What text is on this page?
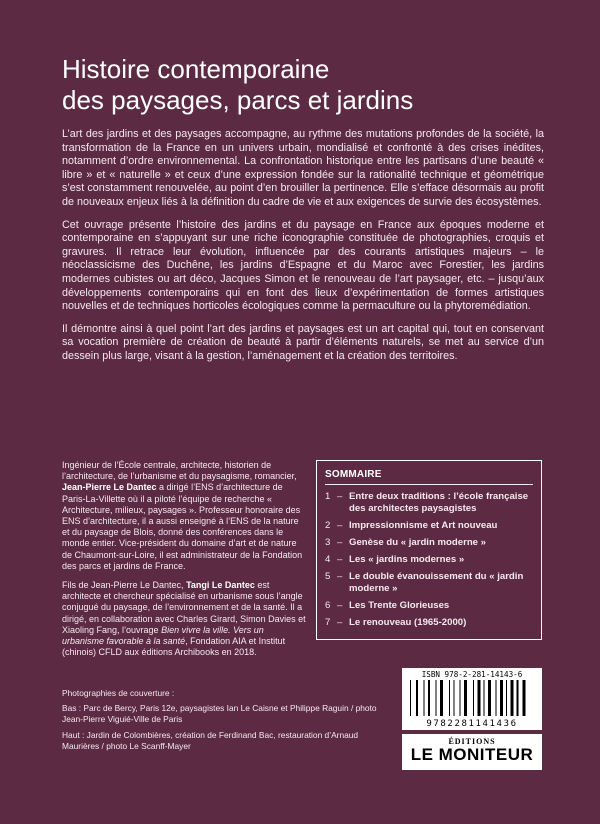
Histoire contemporaine
des paysages, parcs et jardins

L’art des jardins et des paysages accompagne, au rythme des mutations profondes de la société, la transformation de la France en un univers urbain, mondialisé et confronté à des crises inédites, notamment d’ordre environnemental. La confrontation historique entre les partisans d’une beauté « libre » et « naturelle » et ceux d’une expression fondée sur la rationalité technique et géométrique s’est constamment renouvelée, au point d’en brouiller la pertinence. Elle s’efface désormais au profit de nouveaux enjeux liés à la définition du cadre de vie et aux exigences de survie des écosystèmes.

Cet ouvrage présente l’histoire des jardins et du paysage en France aux époques moderne et contemporaine en s’appuyant sur une riche iconographie constituée de photographies, croquis et gravures. Il retrace leur évolution, influencée par des courants artistiques majeurs – le néoclassicisme des Duchêne, les jardins d’Espagne et du Maroc avec Forestier, les jardins modernes cubistes ou art déco, Jacques Simon et le renouveau de l’art paysager, etc. – jusqu’aux développements contemporains qui en font des lieux d’expérimentation de formes artistiques nouvelles et de techniques horticoles écologiques comme la permaculture ou la phytoremédiation.

Il démontre ainsi à quel point l’art des jardins et paysages est un art capital qui, tout en conservant sa vocation première de création de beauté à partir d’éléments naturels, se met au service d’un dessein plus large, visant à la gestion, l’aménagement et la création des territoires.

Ingénieur de l’École centrale, architecte, historien de l’architecture, de l’urbanisme et du paysagisme, romancier, Jean-Pierre Le Dantec a dirigé l’ENS d’architecture de Paris-La-Villette où il a piloté l’équipe de recherche « Architecture, milieux, paysages ». Professeur honoraire des ENS d’architecture, il a aussi enseigné à l’ENS de la nature et du paysage de Blois, donné des conférences dans le monde entier. Vice-président du domaine d’art et de nature de Chaumont-sur-Loire, il est administrateur de la Fondation des parcs et jardins de France.

Fils de Jean-Pierre Le Dantec, Tangi Le Dantec est architecte et chercheur spécialisé en urbanisme sous l’angle conjugué du paysage, de l’environnement et de la santé. Il a dirigé, en collaboration avec Charles Girard, Simon Davies et Xiaoling Fang, l’ouvrage Bien vivre la ville. Vers un urbanisme favorable à la santé, Fondation AIA et Institut (chinois) CFLD aux éditions Archibooks en 2018.

SOMMAIRE
1 – Entre deux traditions : l’école française des architectes paysagistes
2 – Impressionnisme et Art nouveau
3 – Genèse du « jardin moderne »
4 – Les « jardins modernes »
5 – Le double évanouissement du « jardin moderne »
6 – Les Trente Glorieuses
7 – Le renouveau (1965-2000)

Photographies de couverture :

Bas : Parc de Bercy, Paris 12e, paysagistes Ian Le Caisne et Philippe Raguin / photo Jean-Pierre Viguié-Ville de Paris

Haut : Jardin de Colombières, création de Ferdinand Bac, restauration d’Arnaud Maurières / photo Le Scanff-Mayer

ISBN 978-2-281-14143-6
9782281141436
ÉDITIONS
LE MONITEUR
